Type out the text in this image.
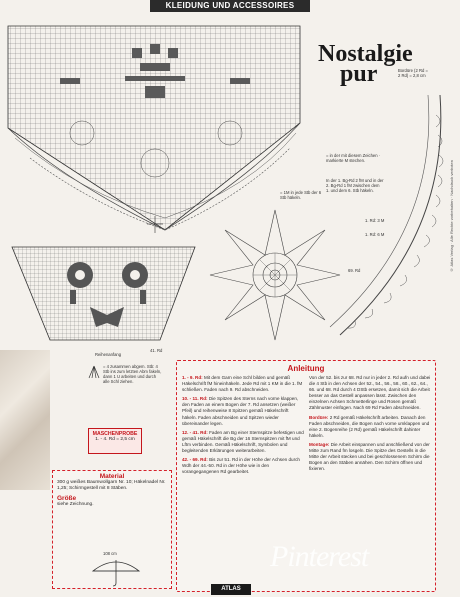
KLEIDUNG UND ACCESSOIRES
Nostalgie
pur	Bordüre (2 Rd = 2 Rd) = 2,8 cm
= in der mit diesem Zeichen · markierte M stechen.
In der 1. Bg-Rd 2 fM und in der 2. Bg-Rd 1 fM zwischen dem 1. und dem 6. Stb häkeln.
= 1M in jede Stb der 6 Stb häkeln.
1. Rd: 3 M
1. Rd: 6 M
69. Rd
41. Rd
Reihenanfang
= 4 zusammen abgem. Stb: 4 Stb ins zum letzten Abm fakeln, dann 1 U arbeiten und durch alle Schl ziehen.
MASCHENPROBE
1. - 4. Rd = 2,5 cm
Material
300 g weißes Baumwollgarn Nr. 10; Häkelnadel Nr. 1,25; Schirmgestell mit 8 Stäben.
Größe
siehe Zeichnung.
108 cm
Anleitung

1. - 9. Rd: Mit dem Garn eine Schl bilden und gemäß Häkelschrift fM hineinhäkeln. Jede Rd mit 1 KM in die 1. fM schließen. Faden nach 9. Rd abschneiden.

10. - 11. Rd: Die Spitzen des Sterns nach vorne klappen, den Faden an einem Bogen der 7. Rd ansetzen (weißer Pfeil) und reihenweise 8 Spitzen gemäß Häkelschrift häkeln. Faden abschneiden und Spitzen wieder übereinander legen.

12. - 41. Rd: Faden am Bg einer Sternspitze befestigen und gemäß Häkelschrift die Bg der 16 Sternspitzen mit fM und Lftm verbinden. Gemäß Häkelschrift, Symbolen und begleitenden Erklärungen weiterarbeiten.

42. - 69. Rd: Bis zur 51. Rd in der Höhe der Achsen durch Wdh der 44.-50. Rd in der Höhe wie in den vorangegangenen Rd gearbeitet.

Von der 52. bis zur 68. Rd nur in jeder 2. Rd aufn und dabei die 4 Stb in den Achsen der 52., 54., 56., 58., 60., 62., 64., 66. und 68. Rd durch 4 DStb ersetzen, damit sich die Arbeit besser an das Gestell anpassen lässt. Zwischen den einzelnen Achsen Schmetterlinge und Rosen gemäß Zählmuster einfügen. Nach 69 Rd Faden abschneiden.

Bordüre: 2 Rd gemäß Häkelschrift arbeiten. Danach den Faden abschneiden, die Bogen nach vorne umklappen und eine 2. Bogenreihe (2 Rd) gemäß Häkelschrift dahinter häkeln.

Montage: Die Arbeit einspannen und anschließend von der Mitte zum Rand fm losgeln. Die Spitze des Gestells in die Mitte der Arbeit stecken und bei geschlossenem Schirm die Bogen an den Stäben annähen. Den Schirm öffnen und fixieren.

Pinterest
ATLAS
© Atlas Verlag · Alle Rechte vorbehalten · Nachdruck verboten
